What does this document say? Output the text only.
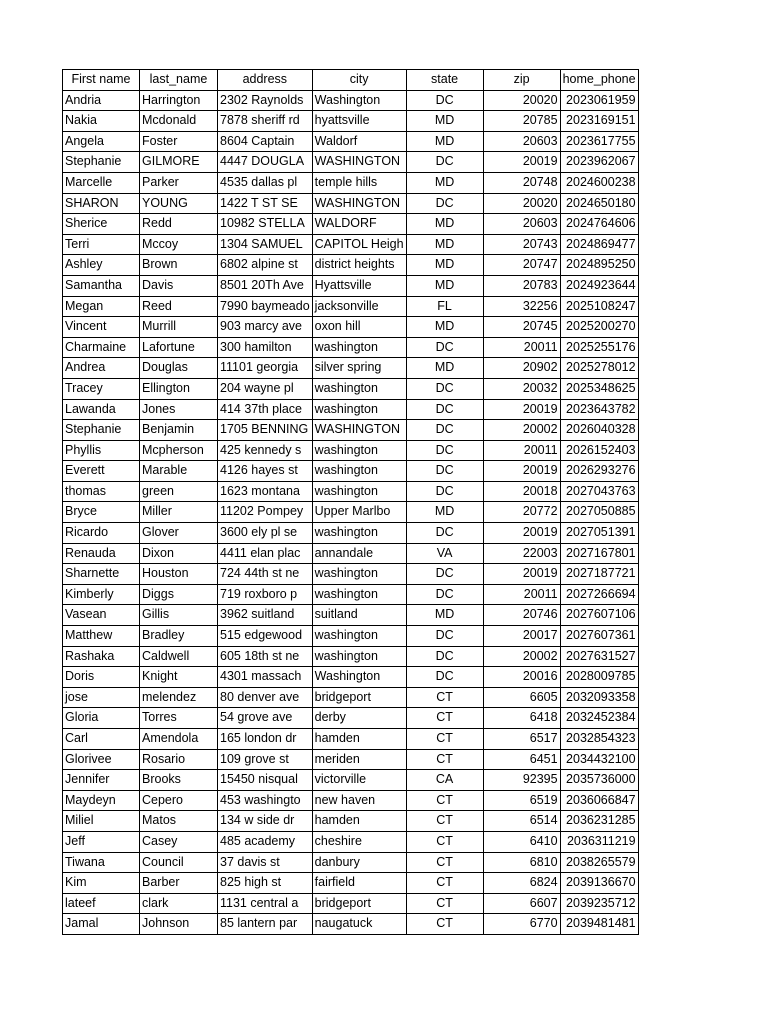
First name	last_name	address	city	state	zip	home_phone
Andria	Harrington	2302 Raynolds	Washington	DC	20020	2023061959
Nakia	Mcdonald	7878 sheriff rd	hyattsville	MD	20785	2023169151
Angela	Foster	8604 Captain	Waldorf	MD	20603	2023617755
Stephanie	GILMORE	4447 DOUGLA	WASHINGTON	DC	20019	2023962067
Marcelle	Parker	4535 dallas pl	temple hills	MD	20748	2024600238
SHARON	YOUNG	1422 T ST SE	WASHINGTON	DC	20020	2024650180
Sherice	Redd	10982 STELLA	WALDORF	MD	20603	2024764606
Terri	Mccoy	1304 SAMUEL	CAPITOL Heigh	MD	20743	2024869477
Ashley	Brown	6802 alpine st	district heights	MD	20747	2024895250
Samantha	Davis	8501 20Th Ave	Hyattsville	MD	20783	2024923644
Megan	Reed	7990 baymeado	jacksonville	FL	32256	2025108247
Vincent	Murrill	903 marcy ave	oxon hill	MD	20745	2025200270
Charmaine	Lafortune	300 hamilton	washington	DC	20011	2025255176
Andrea	Douglas	11101 georgia	silver spring	MD	20902	2025278012
Tracey	Ellington	204 wayne pl	washington	DC	20032	2025348625
Lawanda	Jones	414 37th place	washington	DC	20019	2023643782
Stephanie	Benjamin	1705 BENNING	WASHINGTON	DC	20002	2026040328
Phyllis	Mcpherson	425 kennedy s	washington	DC	20011	2026152403
Everett	Marable	4126 hayes st	washington	DC	20019	2026293276
thomas	green	1623 montana	washington	DC	20018	2027043763
Bryce	Miller	11202 Pompey	Upper Marlbo	MD	20772	2027050885
Ricardo	Glover	3600 ely pl se	washington	DC	20019	2027051391
Renauda	Dixon	4411 elan plac	annandale	VA	22003	2027167801
Sharnette	Houston	724 44th st ne	washington	DC	20019	2027187721
Kimberly	Diggs	719 roxboro p	washington	DC	20011	2027266694
Vasean	Gillis	3962 suitland	suitland	MD	20746	2027607106
Matthew	Bradley	515 edgewood	washington	DC	20017	2027607361
Rashaka	Caldwell	605 18th st ne	washington	DC	20002	2027631527
Doris	Knight	4301 massach	Washington	DC	20016	2028009785
jose	melendez	80 denver ave	bridgeport	CT	6605	2032093358
Gloria	Torres	54 grove ave	derby	CT	6418	2032452384
Carl	Amendola	165 london dr	hamden	CT	6517	2032854323
Glorivee	Rosario	109 grove st	meriden	CT	6451	2034432100
Jennifer	Brooks	15450 nisqual	victorville	CA	92395	2035736000
Maydeyn	Cepero	453 washingto	new haven	CT	6519	2036066847
Miliel	Matos	134 w side dr	hamden	CT	6514	2036231285
Jeff	Casey	485 academy	cheshire	CT	6410	2036311219
Tiwana	Council	37 davis st	danbury	CT	6810	2038265579
Kim	Barber	825 high st	fairfield	CT	6824	2039136670
lateef	clark	1131 central a	bridgeport	CT	6607	2039235712
Jamal	Johnson	85 lantern par	naugatuck	CT	6770	2039481481
